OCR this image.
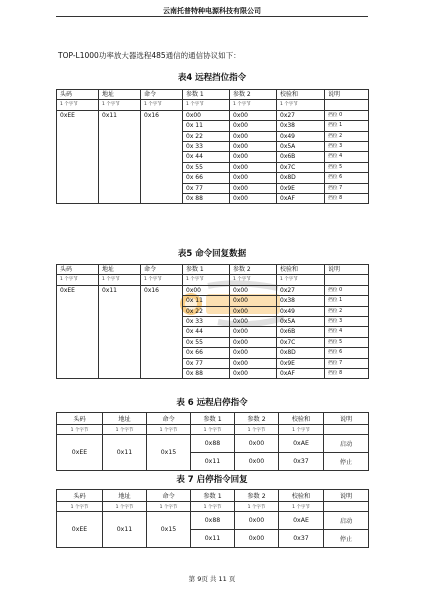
云南托普特种电源科技有限公司
TOP-L1000功率放大器选程485通信的通信协议如下：
表4 远程挡位指令
头码	地址	命令	参数 1	参数 2	校验和	说明
1 个字节	1 个字节	1 个字节	1 个字节	1 个字节	1 个字节	
0xEE	0x11	0x16	0x00	0x00	0x27	挡位 0
			0x 11	0x00	0x38	挡位 1
			0x 22	0x00	0x49	挡位 2
			0x 33	0x00	0x5A	挡位 3
			0x 44	0x00	0x6B	挡位 4
			0x 55	0x00	0x7C	挡位 5
			0x 66	0x00	0x8D	挡位 6
			0x 77	0x00	0x9E	挡位 7
			0x 88	0x00	0xAF	挡位 8
表5 命令回复数据
头码	地址	命令	参数 1	参数 2	校验和	说明
1 个字节	1 个字节	1 个字节	1 个字节	1 个字节	1 个字节	
0xEE	0x11	0x16	0x00	0x00	0x27	挡位 0
			0x 11	0x00	0x38	挡位 1
			0x 22	0x00	0x49	挡位 2
			0x 33	0x00	0x5A	挡位 3
			0x 44	0x00	0x6B	挡位 4
			0x 55	0x00	0x7C	挡位 5
			0x 66	0x00	0x8D	挡位 6
			0x 77	0x00	0x9E	挡位 7
			0x 88	0x00	0xAF	挡位 8
表 6 远程启停指令
头码	地址	命令	参数 1	参数 2	校验和	说明
1 个字节	1 个字节	1 个字节	1 个字节	1 个字节	1 个字节	
0xEE	0x11	0x15	0x88	0x00	0xAE	启动
			0x11	0x00	0x37	停止
表 7 启停指令回复
头码	地址	命令	参数 1	参数 2	校验和	说明
1 个字节	1 个字节	1 个字节	1 个字节	1 个字节	1 个字节	
0xEE	0x11	0x15	0x88	0x00	0xAE	启动
			0x11	0x00	0x37	停止
第 9页 共 11 页
